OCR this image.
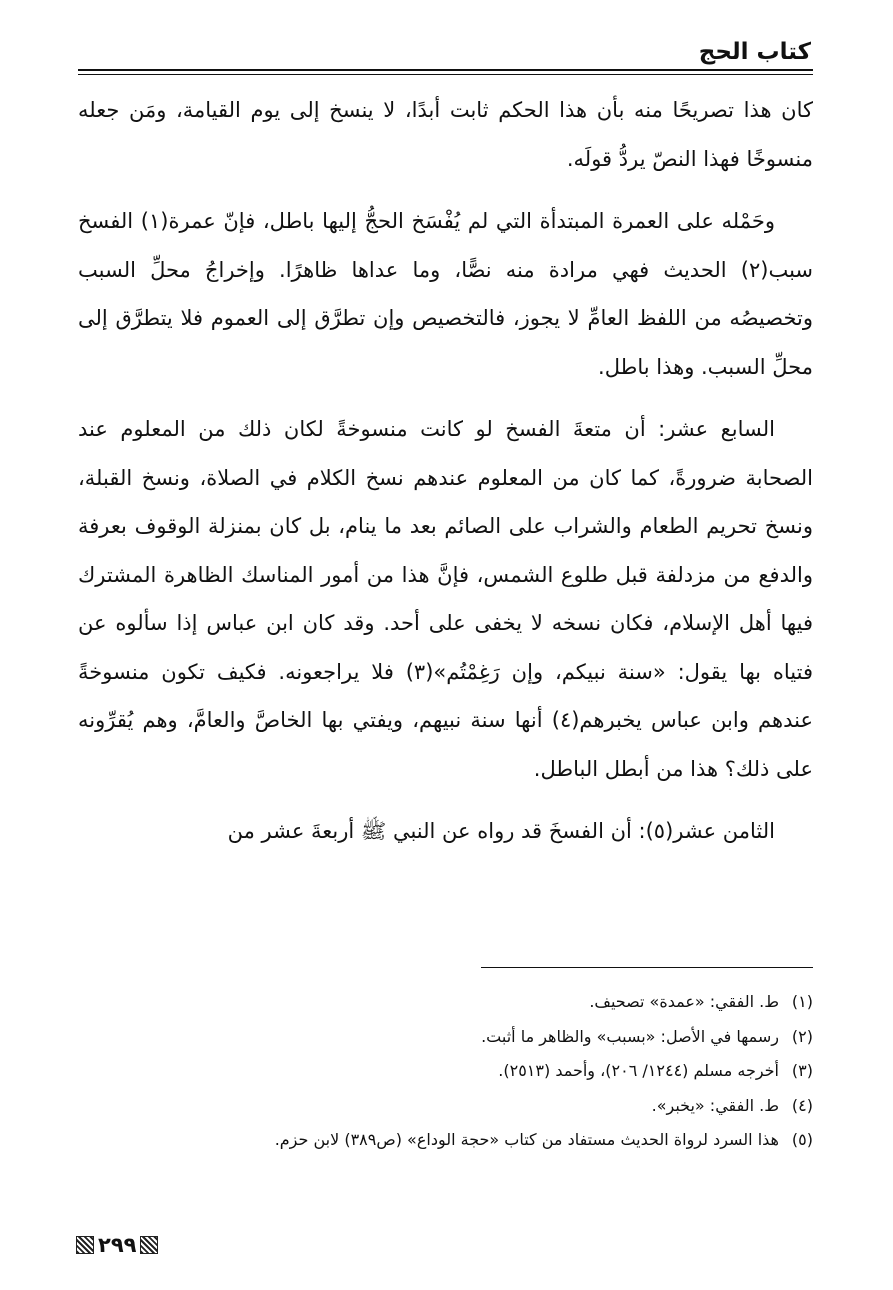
كتاب الحج

كان هذا تصريحًا منه بأن هذا الحكم ثابت أبدًا، لا ينسخ إلى يوم القيامة، ومَن جعله منسوخًا فهذا النصّ يردُّ قولَه.

وحَمْله على العمرة المبتدأة التي لم يُفْسَخ الحجُّ إليها باطل، فإنّ عمرة(١) الفسخ سبب(٢) الحديث فهي مرادة منه نصًّا، وما عداها ظاهرًا. وإخراجُ محلِّ السبب وتخصيصُه من اللفظ العامِّ لا يجوز، فالتخصيص وإن تطرَّق إلى العموم فلا يتطرَّق إلى محلِّ السبب. وهذا باطل.

السابع عشر: أن متعةَ الفسخ لو كانت منسوخةً لكان ذلك من المعلوم عند الصحابة ضرورةً، كما كان من المعلوم عندهم نسخ الكلام في الصلاة، ونسخ القبلة، ونسخ تحريم الطعام والشراب على الصائم بعد ما ينام، بل كان بمنزلة الوقوف بعرفة والدفع من مزدلفة قبل طلوع الشمس، فإنَّ هذا من أمور المناسك الظاهرة المشترك فيها أهل الإسلام، فكان نسخه لا يخفى على أحد. وقد كان ابن عباس إذا سألوه عن فتياه بها يقول: «سنة نبيكم، وإن رَغِمْتُم»(٣) فلا يراجعونه. فكيف تكون منسوخةً عندهم وابن عباس يخبرهم(٤) أنها سنة نبيهم، ويفتي بها الخاصَّ والعامَّ، وهم يُقرِّونه على ذلك؟ هذا من أبطل الباطل.

الثامن عشر(٥): أن الفسخَ قد رواه عن النبي ﷺ أربعةَ عشر من

(١)
ط. الفقي: «عمدة» تصحيف.
(٢)
رسمها في الأصل: «بسبب» والظاهر ما أثبت.
(٣)
أخرجه مسلم (١٢٤٤/ ٢٠٦)، وأحمد (٢٥١٣).
(٤)
ط. الفقي: «يخبر».
(٥)
هذا السرد لرواة الحديث مستفاد من كتاب «حجة الوداع» (ص٣٨٩) لابن حزم.
٢٩٩
